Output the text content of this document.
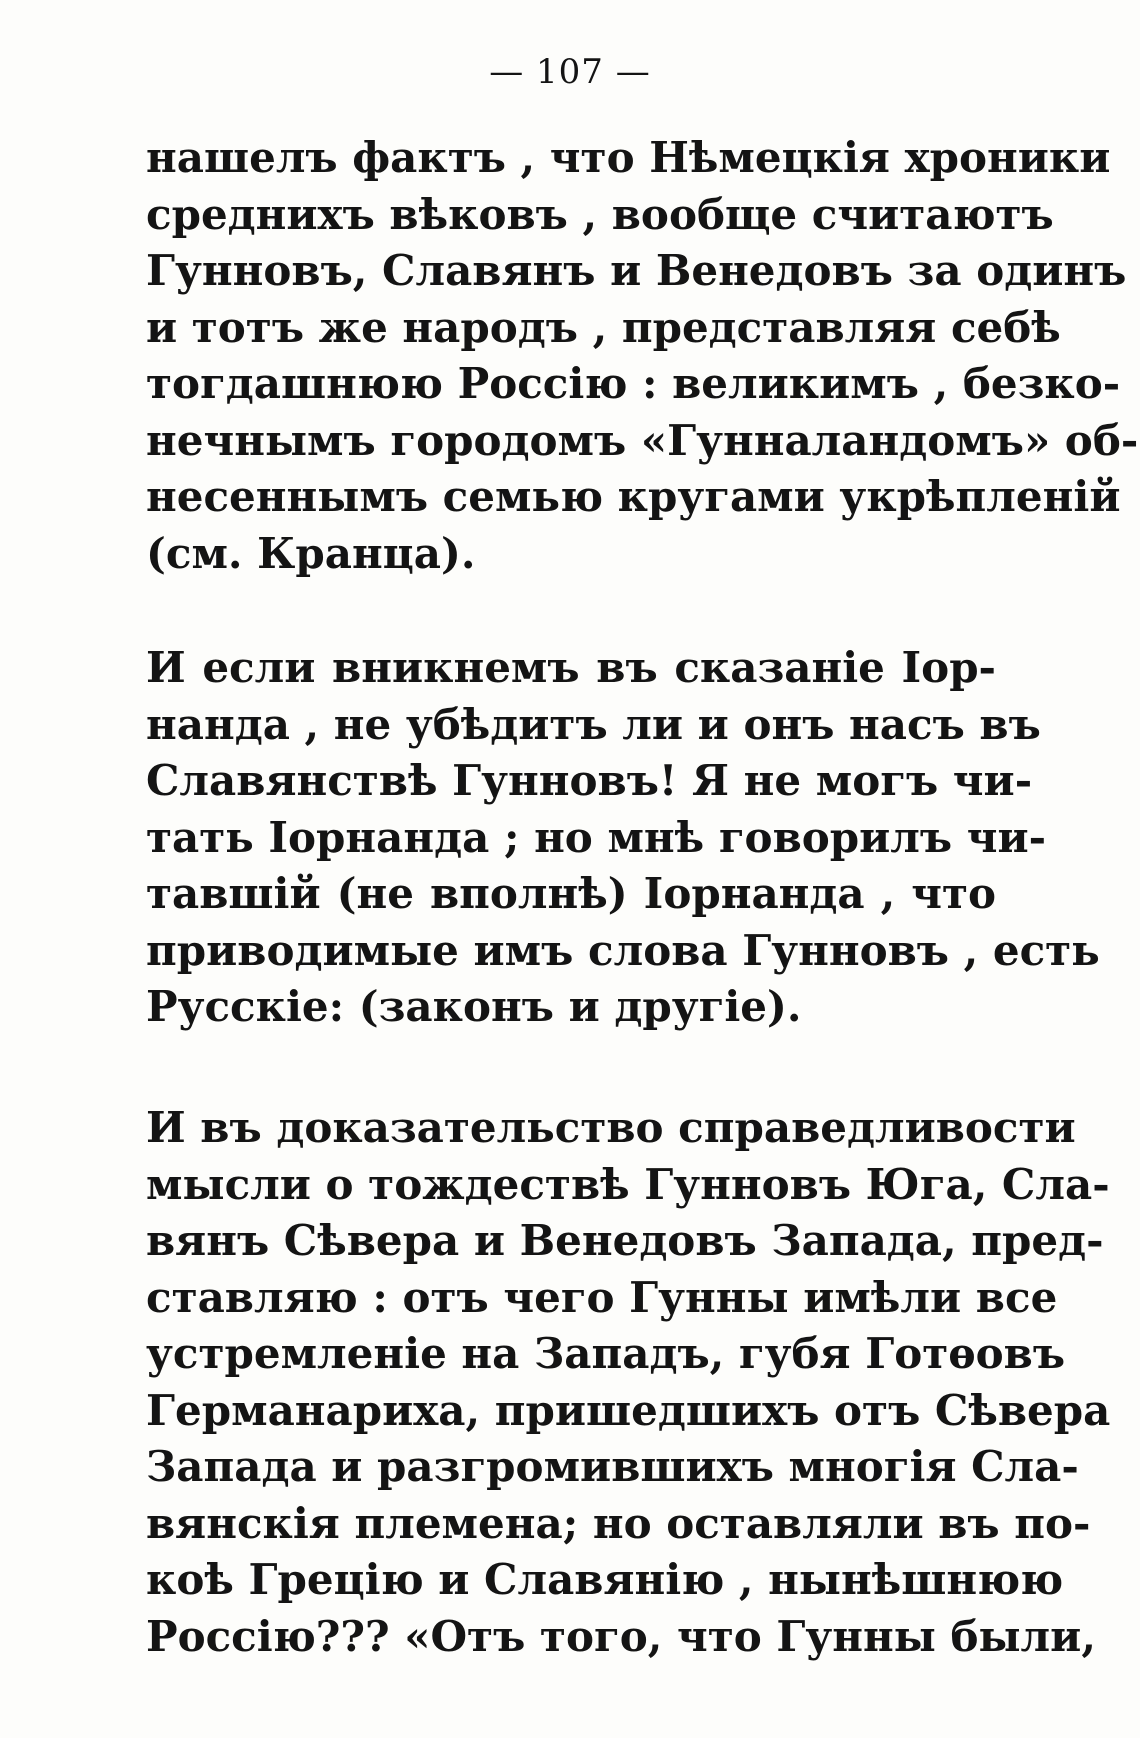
— 107 —
нашелъ фактъ , что Нѣмецкія хроники
среднихъ вѣковъ , вообще считаютъ
Гунновъ, Славянъ и Венедовъ за одинъ
и тотъ же народъ , представляя себѣ
тогдашнюю Россію : великимъ , безко-
нечнымъ городомъ «Гунналандомъ» об-
несеннымъ семью кругами укрѣпленій
(см. Кранцa).
И если вникнемъ въ сказаніе Іор-
нанда , не убѣдитъ ли и онъ насъ въ
Славянствѣ Гунновъ! Я не могъ чи-
тать Іорнанда ; но мнѣ говорилъ чи-
тавшій (не вполнѣ) Іорнанда , что
приводимые имъ слова Гунновъ , есть
Русскіе: (законъ и другіе).
И въ доказательство справедливости
мысли о тождествѣ Гунновъ Юга, Сла-
вянъ Сѣвера и Венедовъ Запада, пред-
ставляю : отъ чего Гунны имѣли все
устремленіе на Западъ, губя Готѳовъ
Германариха, пришедшихъ отъ Сѣвера
Запада и разгромившихъ многія Сла-
вянскія племена; но оставляли въ по-
коѣ Грецію и Славянію , нынѣшнюю
Россію??? «Отъ того, что Гунны были,
